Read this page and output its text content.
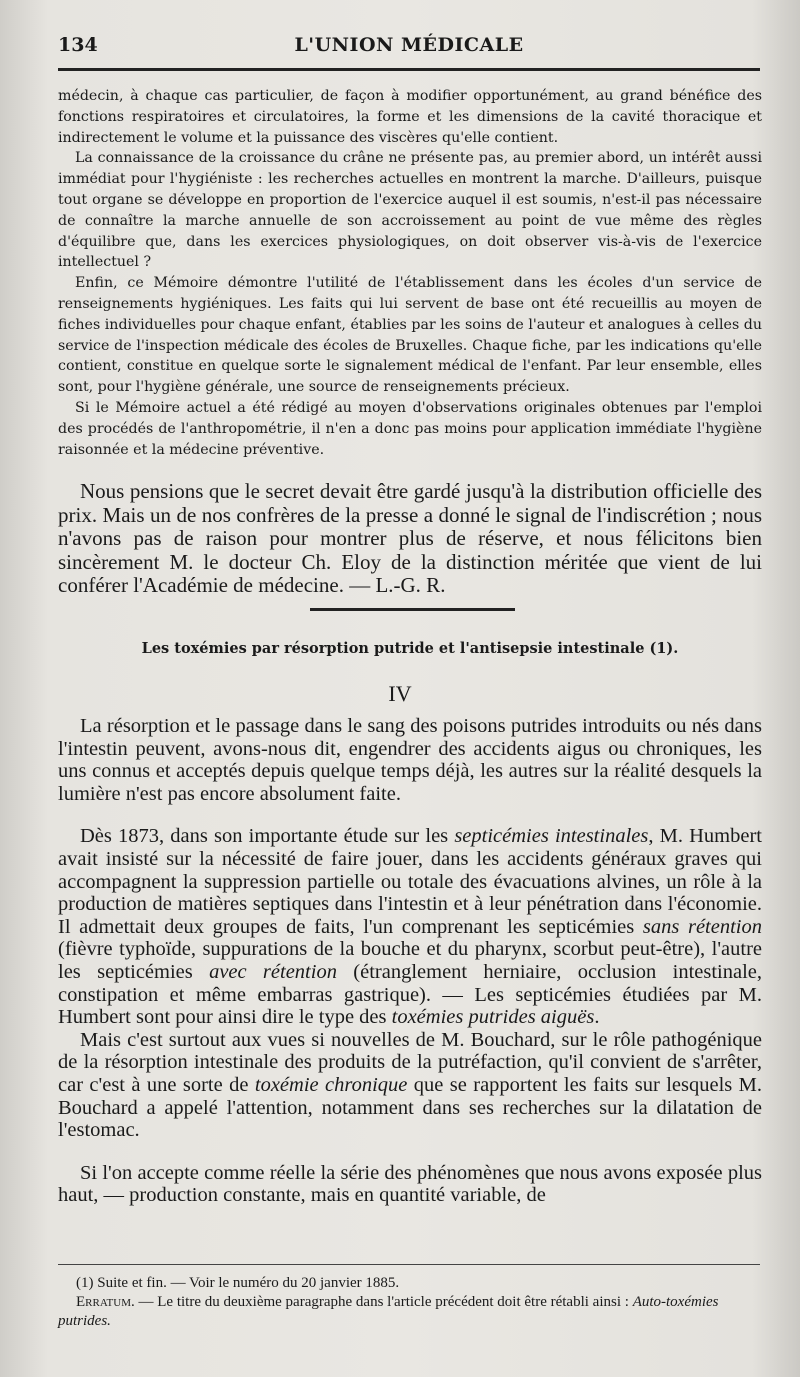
134	L'UNION MÉDICALE

médecin, à chaque cas particulier, de façon à modifier opportunément, au grand bénéfice des fonctions respiratoires et circulatoires, la forme et les dimensions de la cavité thoracique et indirectement le volume et la puissance des viscères qu'elle contient.

La connaissance de la croissance du crâne ne présente pas, au premier abord, un intérêt aussi immédiat pour l'hygiéniste : les recherches actuelles en montrent la marche. D'ailleurs, puisque tout organe se développe en proportion de l'exercice auquel il est soumis, n'est-il pas nécessaire de connaître la marche annuelle de son accroissement au point de vue même des règles d'équilibre que, dans les exercices physiologiques, on doit observer vis-à-vis de l'exercice intellectuel ?

Enfin, ce Mémoire démontre l'utilité de l'établissement dans les écoles d'un service de renseignements hygiéniques. Les faits qui lui servent de base ont été recueillis au moyen de fiches individuelles pour chaque enfant, établies par les soins de l'auteur et analogues à celles du service de l'inspection médicale des écoles de Bruxelles. Chaque fiche, par les indications qu'elle contient, constitue en quelque sorte le signalement médical de l'enfant. Par leur ensemble, elles sont, pour l'hygiène générale, une source de renseignements précieux.

Si le Mémoire actuel a été rédigé au moyen d'observations originales obtenues par l'emploi des procédés de l'anthropométrie, il n'en a donc pas moins pour application immédiate l'hygiène raisonnée et la médecine préventive.

Nous pensions que le secret devait être gardé jusqu'à la distribution officielle des prix. Mais un de nos confrères de la presse a donné le signal de l'indiscrétion ; nous n'avons pas de raison pour montrer plus de réserve, et nous félicitons bien sincèrement M. le docteur Ch. Eloy de la distinction méritée que vient de lui conférer l'Académie de médecine. — L.-G. R.

Les toxémies par résorption putride et l'antisepsie intestinale (1).
IV

La résorption et le passage dans le sang des poisons putrides introduits ou nés dans l'intestin peuvent, avons-nous dit, engendrer des accidents aigus ou chroniques, les uns connus et acceptés depuis quelque temps déjà, les autres sur la réalité desquels la lumière n'est pas encore absolument faite.

Dès 1873, dans son importante étude sur les septicémies intestinales, M. Humbert avait insisté sur la nécessité de faire jouer, dans les accidents généraux graves qui accompagnent la suppression partielle ou totale des évacuations alvines, un rôle à la production de matières septiques dans l'intestin et à leur pénétration dans l'économie. Il admettait deux groupes de faits, l'un comprenant les septicémies sans rétention (fièvre typhoïde, suppurations de la bouche et du pharynx, scorbut peut-être), l'autre les septicémies avec rétention (étranglement herniaire, occlusion intestinale, constipation et même embarras gastrique). — Les septicémies étudiées par M. Humbert sont pour ainsi dire le type des toxémies putrides aiguës.

Mais c'est surtout aux vues si nouvelles de M. Bouchard, sur le rôle pathogénique de la résorption intestinale des produits de la putréfaction, qu'il convient de s'arrêter, car c'est à une sorte de toxémie chronique que se rapportent les faits sur lesquels M. Bouchard a appelé l'attention, notamment dans ses recherches sur la dilatation de l'estomac.

Si l'on accepte comme réelle la série des phénomènes que nous avons exposée plus haut, — production constante, mais en quantité variable, de

(1) Suite et fin. — Voir le numéro du 20 janvier 1885.

Erratum. — Le titre du deuxième paragraphe dans l'article précédent doit être rétabli ainsi : Auto-toxémies putrides.
